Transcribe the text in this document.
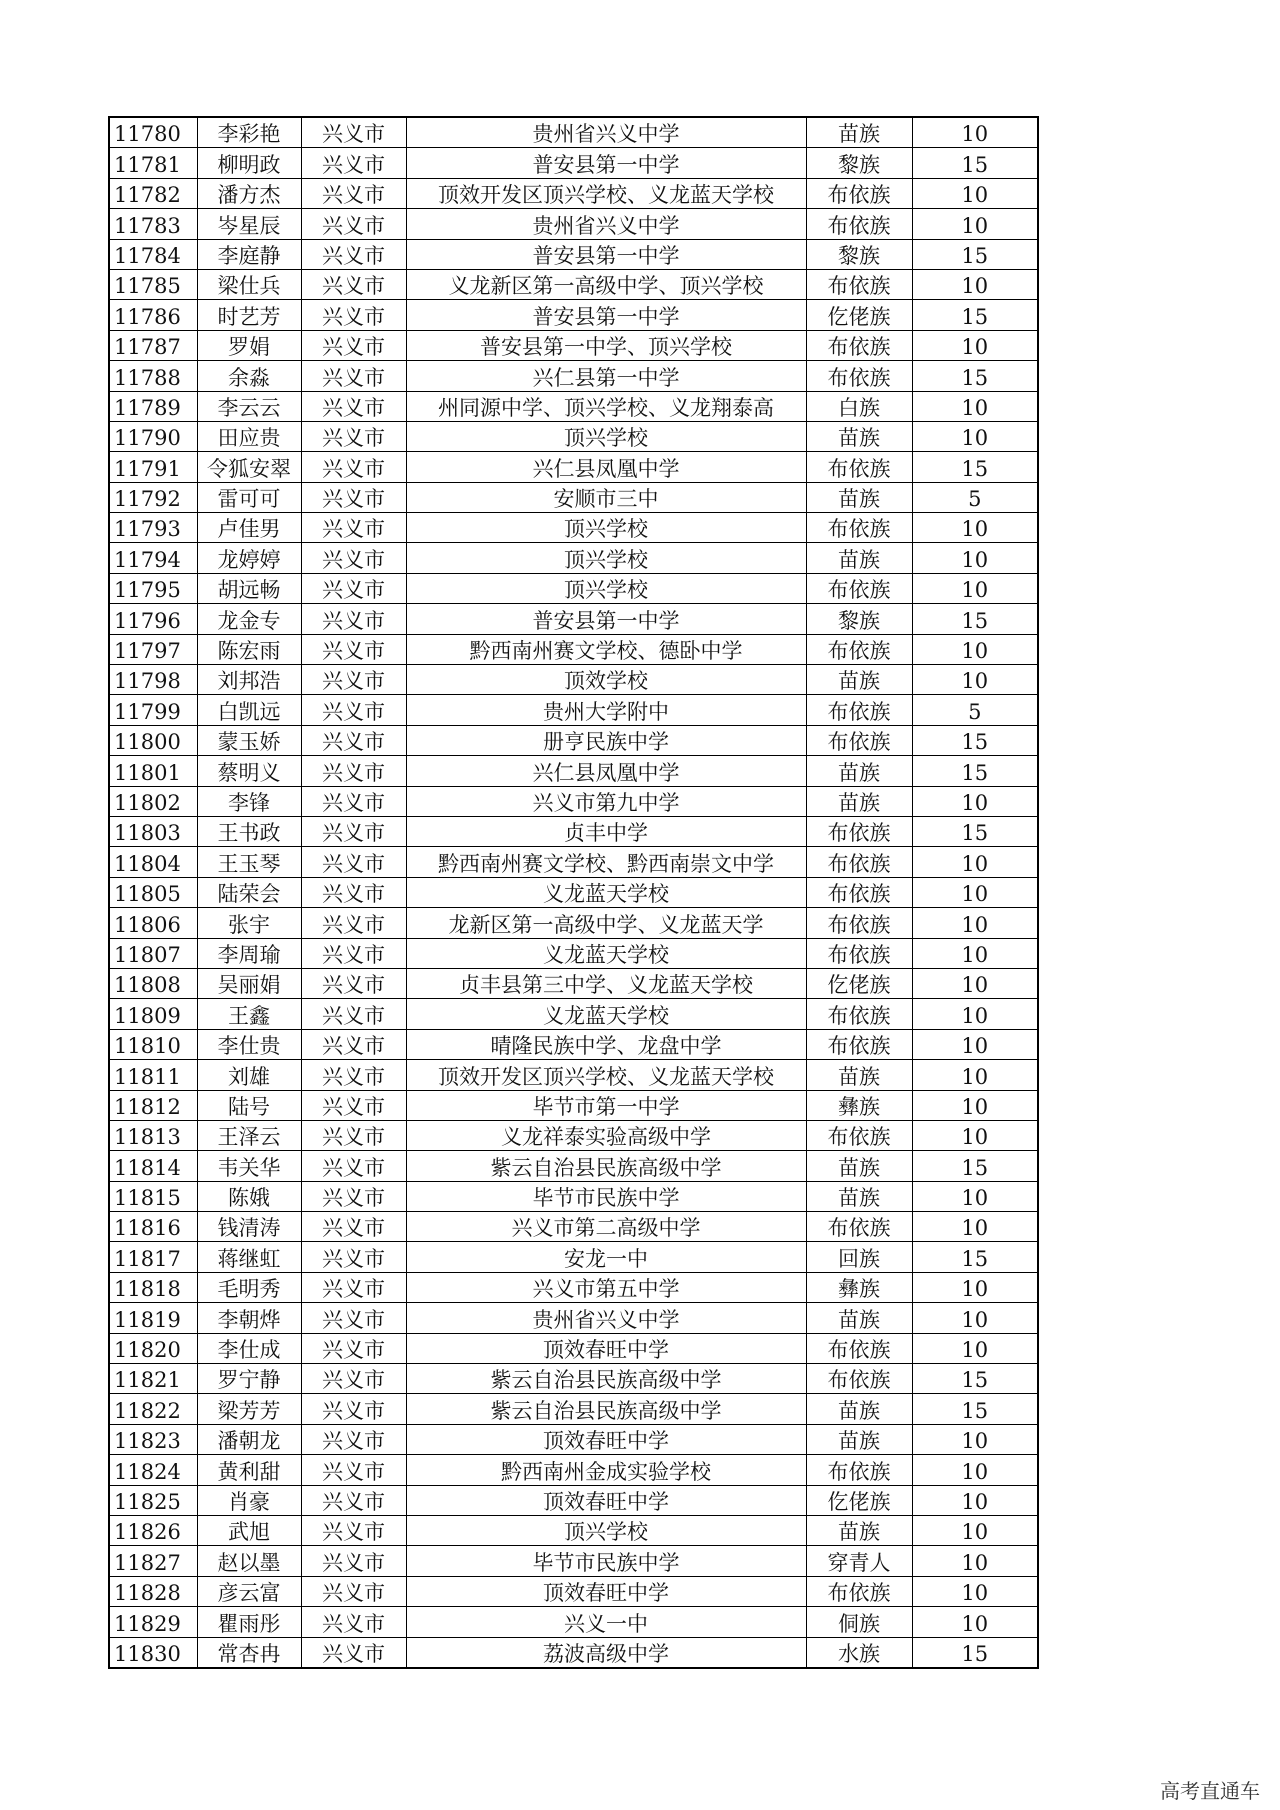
11780	李彩艳	兴义市	贵州省兴义中学	苗族	10
11781	柳明政	兴义市	普安县第一中学	黎族	15
11782	潘方杰	兴义市	顶效开发区顶兴学校、义龙蓝天学校	布依族	10
11783	岑星辰	兴义市	贵州省兴义中学	布依族	10
11784	李庭静	兴义市	普安县第一中学	黎族	15
11785	梁仕兵	兴义市	义龙新区第一高级中学、顶兴学校	布依族	10
11786	时艺芳	兴义市	普安县第一中学	仡佬族	15
11787	罗娟	兴义市	普安县第一中学、顶兴学校	布依族	10
11788	余淼	兴义市	兴仁县第一中学	布依族	15
11789	李云云	兴义市	州同源中学、顶兴学校、义龙翔泰高	白族	10
11790	田应贵	兴义市	顶兴学校	苗族	10
11791	令狐安翠	兴义市	兴仁县凤凰中学	布依族	15
11792	雷可可	兴义市	安顺市三中	苗族	5
11793	卢佳男	兴义市	顶兴学校	布依族	10
11794	龙婷婷	兴义市	顶兴学校	苗族	10
11795	胡远畅	兴义市	顶兴学校	布依族	10
11796	龙金专	兴义市	普安县第一中学	黎族	15
11797	陈宏雨	兴义市	黔西南州赛文学校、德卧中学	布依族	10
11798	刘邦浩	兴义市	顶效学校	苗族	10
11799	白凯远	兴义市	贵州大学附中	布依族	5
11800	蒙玉娇	兴义市	册亨民族中学	布依族	15
11801	蔡明义	兴义市	兴仁县凤凰中学	苗族	15
11802	李锋	兴义市	兴义市第九中学	苗族	10
11803	王书政	兴义市	贞丰中学	布依族	15
11804	王玉琴	兴义市	黔西南州赛文学校、黔西南崇文中学	布依族	10
11805	陆荣会	兴义市	义龙蓝天学校	布依族	10
11806	张宇	兴义市	龙新区第一高级中学、义龙蓝天学	布依族	10
11807	李周瑜	兴义市	义龙蓝天学校	布依族	10
11808	吴丽娟	兴义市	贞丰县第三中学、义龙蓝天学校	仡佬族	10
11809	王鑫	兴义市	义龙蓝天学校	布依族	10
11810	李仕贵	兴义市	晴隆民族中学、龙盘中学	布依族	10
11811	刘雄	兴义市	顶效开发区顶兴学校、义龙蓝天学校	苗族	10
11812	陆号	兴义市	毕节市第一中学	彝族	10
11813	王泽云	兴义市	义龙祥泰实验高级中学	布依族	10
11814	韦关华	兴义市	紫云自治县民族高级中学	苗族	15
11815	陈娥	兴义市	毕节市民族中学	苗族	10
11816	钱清涛	兴义市	兴义市第二高级中学	布依族	10
11817	蒋继虹	兴义市	安龙一中	回族	15
11818	毛明秀	兴义市	兴义市第五中学	彝族	10
11819	李朝烨	兴义市	贵州省兴义中学	苗族	10
11820	李仕成	兴义市	顶效春旺中学	布依族	10
11821	罗宁静	兴义市	紫云自治县民族高级中学	布依族	15
11822	梁芳芳	兴义市	紫云自治县民族高级中学	苗族	15
11823	潘朝龙	兴义市	顶效春旺中学	苗族	10
11824	黄利甜	兴义市	黔西南州金成实验学校	布依族	10
11825	肖豪	兴义市	顶效春旺中学	仡佬族	10
11826	武旭	兴义市	顶兴学校	苗族	10
11827	赵以墨	兴义市	毕节市民族中学	穿青人	10
11828	彦云富	兴义市	顶效春旺中学	布依族	10
11829	瞿雨彤	兴义市	兴义一中	侗族	10
11830	常杏冉	兴义市	荔波高级中学	水族	15
高考直通车
